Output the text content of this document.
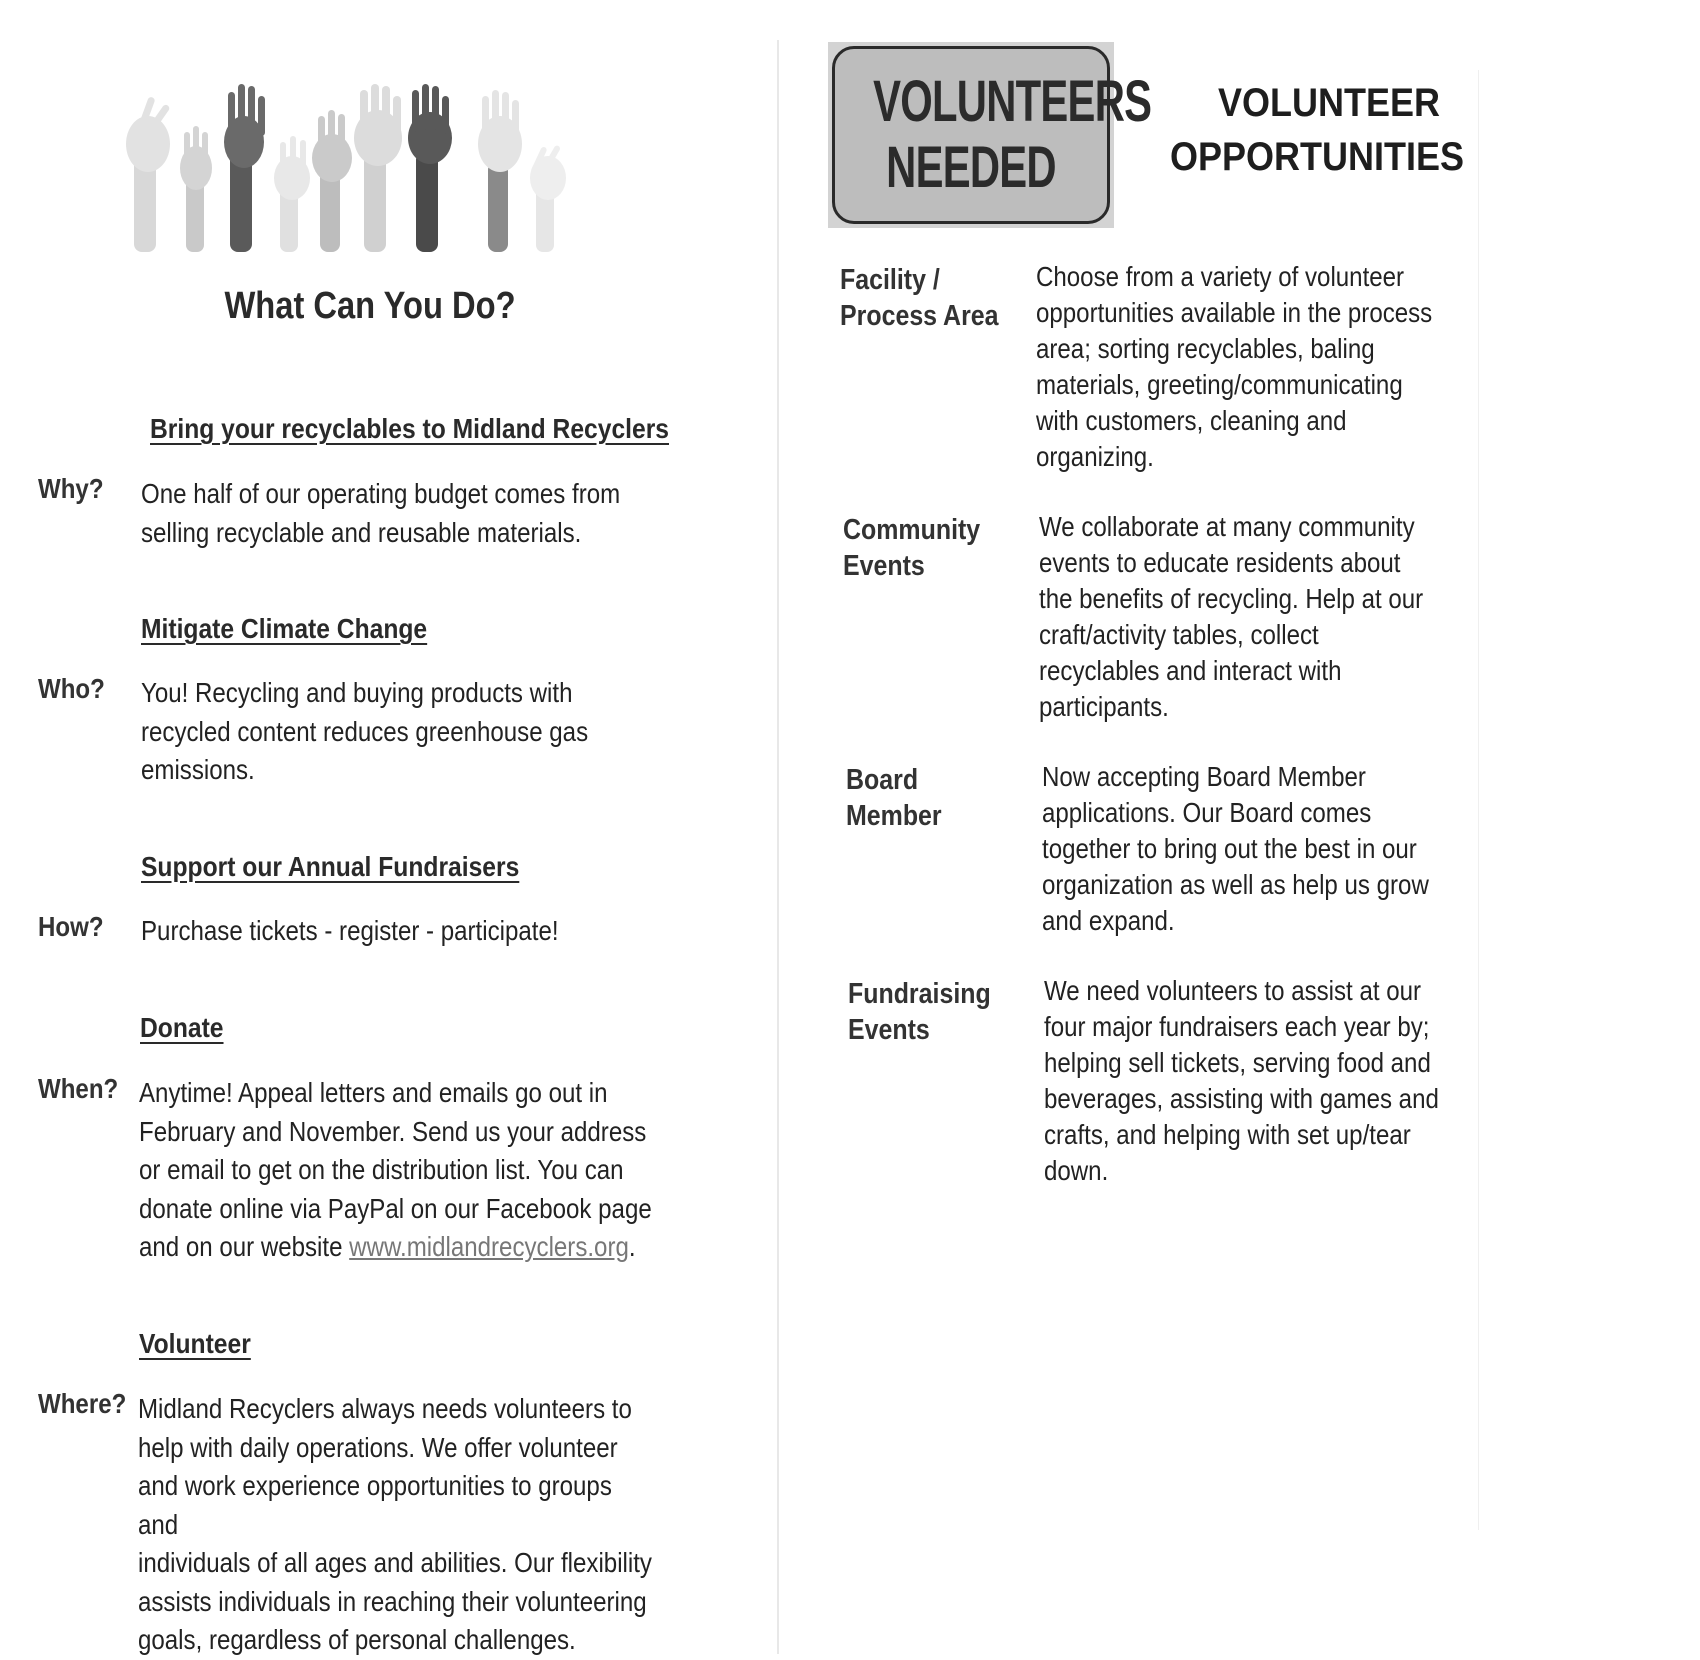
What Can You Do?
Bring your recyclables to Midland Recyclers
Why? One half of our operating budget comes from
selling recyclable and reusable materials.
Mitigate Climate Change
Who? You! Recycling and buying products with
recycled content reduces greenhouse gas
emissions.
Support our Annual Fundraisers
How? Purchase tickets - register - participate!
Donate
When? Anytime! Appeal letters and emails go out in
February and November. Send us your address
or email to get on the distribution list. You can
donate online via PayPal on our Facebook page
and on our website www.midlandrecyclers.org.
Volunteer
Where? Midland Recyclers always needs volunteers to
help with daily operations. We offer volunteer
and work experience opportunities to groups and
individuals of all ages and abilities. Our flexibility
assists individuals in reaching their volunteering
goals, regardless of personal challenges.
VOLUNTEERS
NEEDED
VOLUNTEER
OPPORTUNITIES
Facility /
Process Area
Choose from a variety of volunteer
opportunities available in the process
area; sorting recyclables, baling
materials, greeting/communicating
with customers, cleaning and
organizing.
Community
Events
We collaborate at many community
events to educate residents about
the benefits of recycling. Help at our
craft/activity tables, collect
recyclables and interact with
participants.
Board
Member
Now accepting Board Member
applications. Our Board comes
together to bring out the best in our
organization as well as help us grow
and expand.
Fundraising
Events
We need volunteers to assist at our
four major fundraisers each year by;
helping sell tickets, serving food and
beverages, assisting with games and
crafts, and helping with set up/tear
down.
